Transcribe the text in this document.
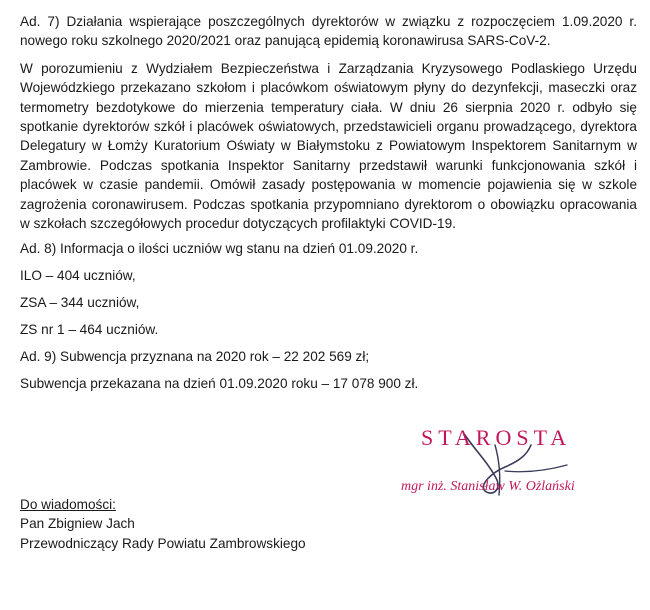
Ad. 7) Działania wspierające poszczególnych dyrektorów w związku z rozpoczęciem 1.09.2020 r. nowego roku szkolnego 2020/2021 oraz panującą epidemią koronawirusa SARS-CoV-2.

W porozumieniu z Wydziałem Bezpieczeństwa i Zarządzania Kryzysowego Podlaskiego Urzędu Wojewódzkiego przekazano szkołom i placówkom oświatowym płyny do dezynfekcji, maseczki oraz termometry bezdotykowe do mierzenia temperatury ciała. W dniu 26 sierpnia 2020 r. odbyło się spotkanie dyrektorów szkół i placówek oświatowych, przedstawicieli organu prowadzącego, dyrektora Delegatury w Łomży Kuratorium Oświaty w Białymstoku z Powiatowym Inspektorem Sanitarnym w Zambrowie. Podczas spotkania Inspektor Sanitarny przedstawił warunki funkcjonowania szkół i placówek w czasie pandemii. Omówił zasady postępowania w momencie pojawienia się w szkole zagrożenia coronawirusem. Podczas spotkania przypomniano dyrektorom o obowiązku opracowania w szkołach szczegółowych procedur dotyczących profilaktyki COVID-19.

Ad. 8) Informacja o ilości uczniów wg stanu na dzień 01.09.2020 r.

ILO – 404 uczniów,

ZSA – 344 uczniów,

ZS nr 1 – 464 uczniów.

Ad. 9) Subwencja przyznana na 2020 rok – 22 202 569 zł;

Subwencja przekazana na dzień 01.09.2020 roku – 17 078 900 zł.

STAROSTA

mgr inż. Stanisław W. Ożlański

Do wiadomości:

Pan Zbigniew Jach

Przewodniczący Rady Powiatu Zambrowskiego
